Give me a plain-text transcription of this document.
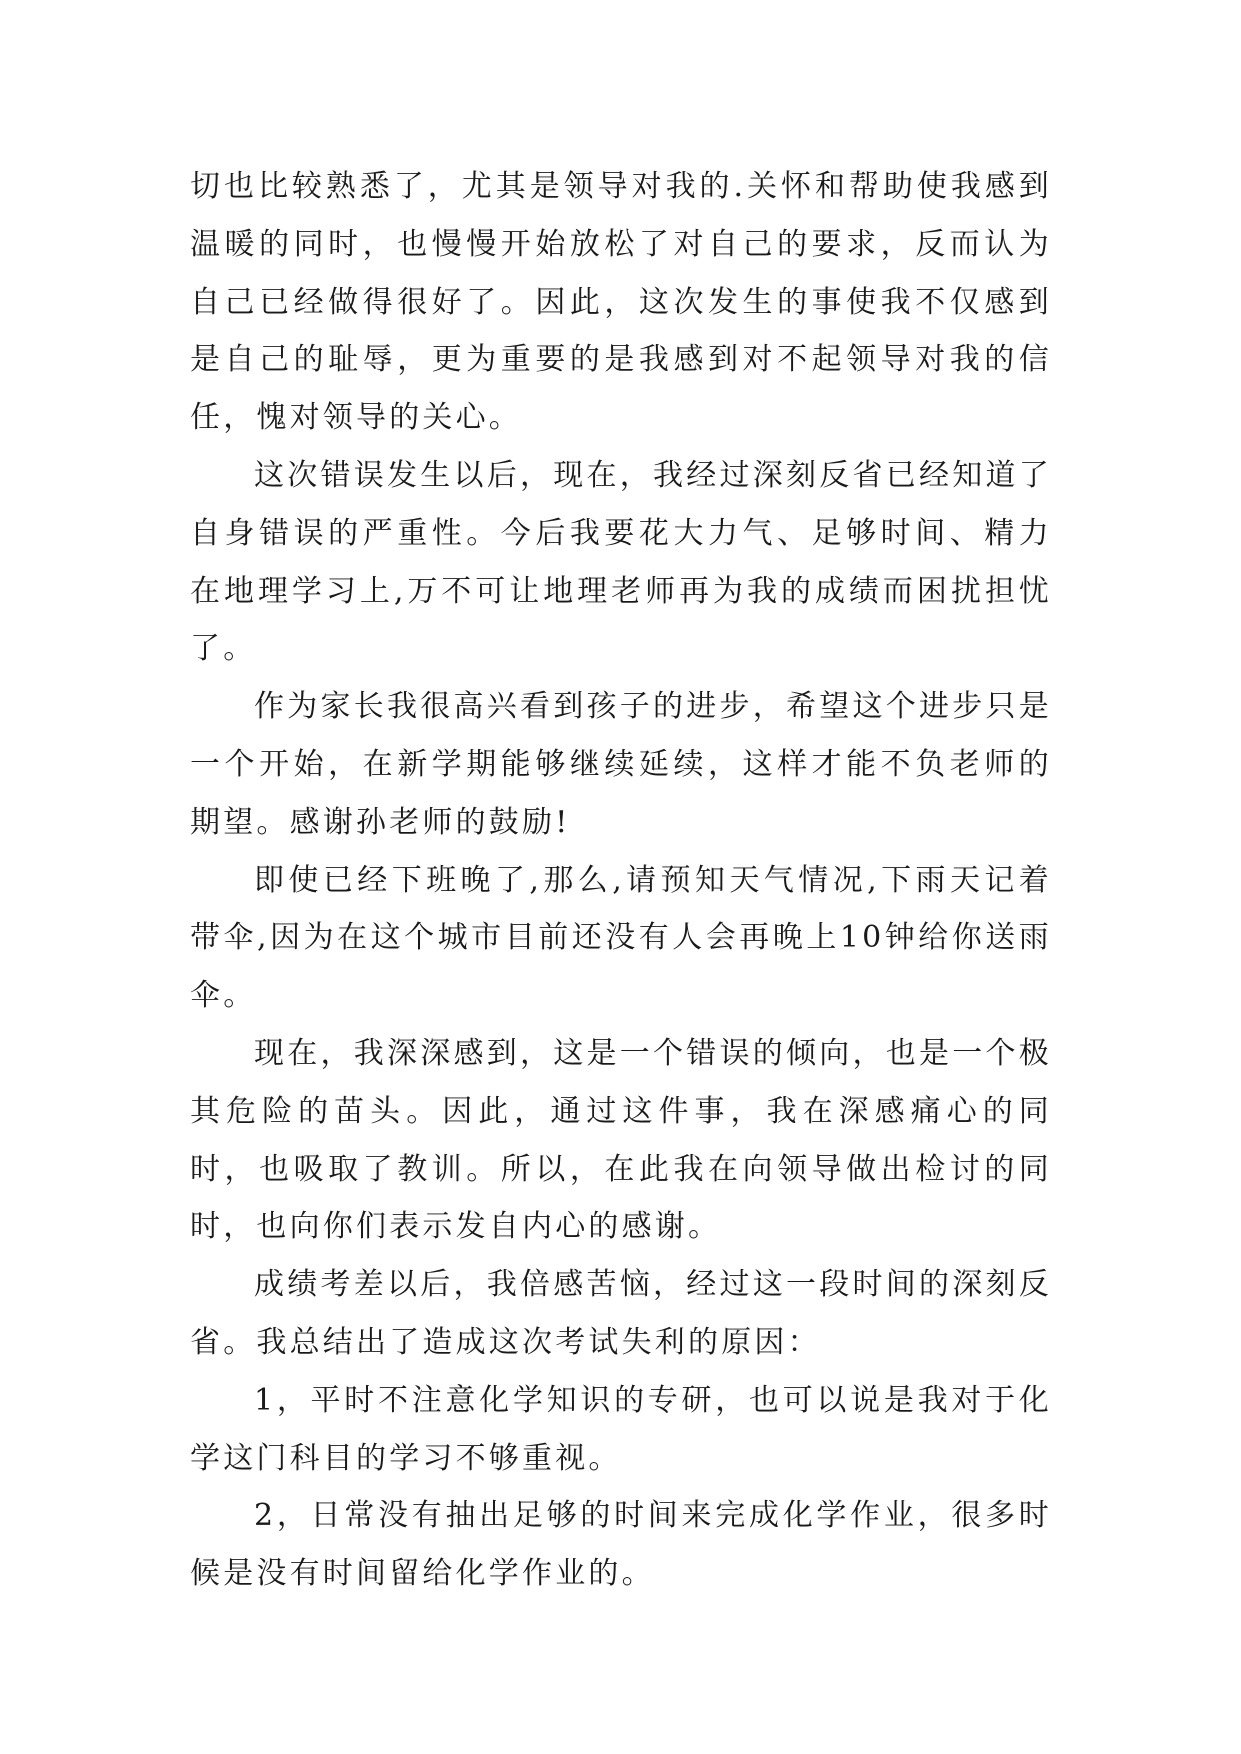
切也比较熟悉了，尤其是领导对我的.关怀和帮助使我感到温暖的同时，也慢慢开始放松了对自己的要求，反而认为自己已经做得很好了。因此，这次发生的事使我不仅感到是自己的耻辱，更为重要的是我感到对不起领导对我的信任，愧对领导的关心。

这次错误发生以后，现在，我经过深刻反省已经知道了自身错误的严重性。今后我要花大力气、足够时间、精力在地理学习上,万不可让地理老师再为我的成绩而困扰担忧了。

作为家长我很高兴看到孩子的进步，希望这个进步只是一个开始，在新学期能够继续延续，这样才能不负老师的期望。感谢孙老师的鼓励!

即使已经下班晚了,那么,请预知天气情况,下雨天记着带伞,因为在这个城市目前还没有人会再晚上10钟给你送雨伞。

现在，我深深感到，这是一个错误的倾向，也是一个极其危险的苗头。因此，通过这件事，我在深感痛心的同时，也吸取了教训。所以，在此我在向领导做出检讨的同时，也向你们表示发自内心的感谢。

成绩考差以后，我倍感苦恼，经过这一段时间的深刻反省。我总结出了造成这次考试失利的原因：

1，平时不注意化学知识的专研，也可以说是我对于化学这门科目的学习不够重视。

2，日常没有抽出足够的时间来完成化学作业，很多时候是没有时间留给化学作业的。
